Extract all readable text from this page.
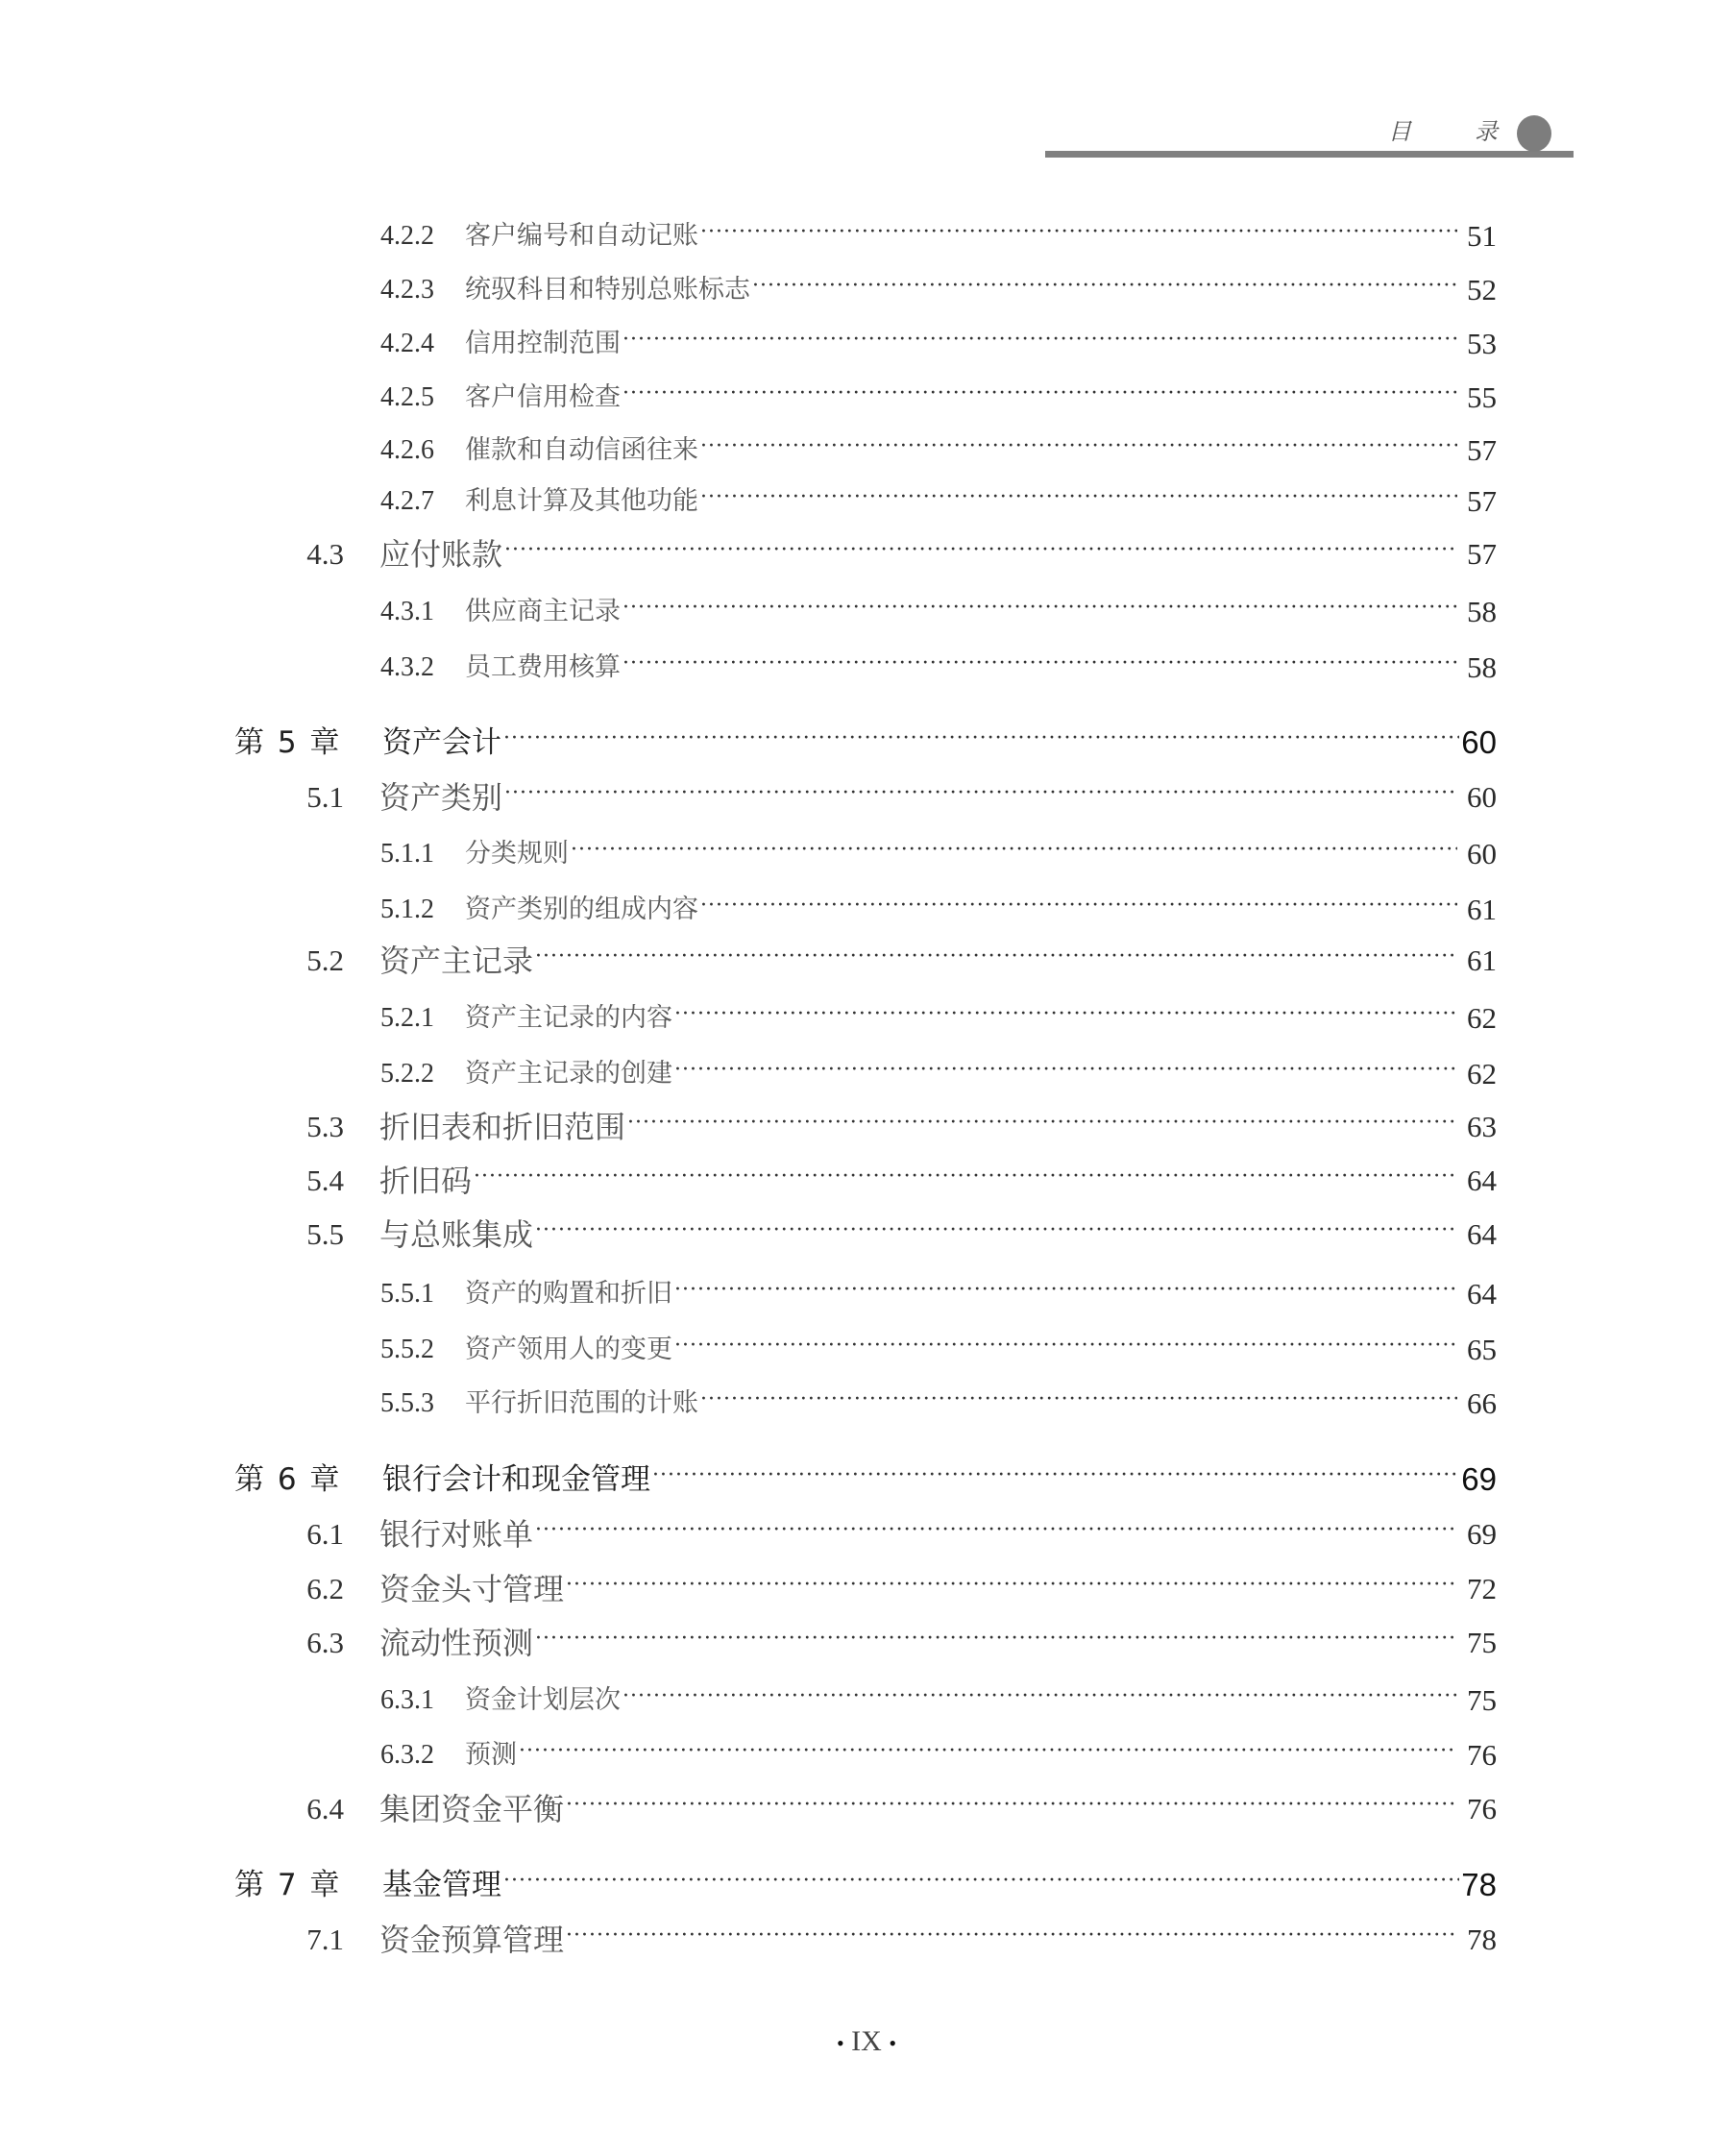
目	录
4.2.2 客户编号和自动记账 ·····	51
4.2.3 统驭科目和特别总账标志 ·····	52
4.2.4 信用控制范围 ·····	53
4.2.5 客户信用检查 ·····	55
4.2.6 催款和自动信函往来 ·····	57
4.2.7 利息计算及其他功能 ·····	57
4.3 应付账款 ·····	57
4.3.1 供应商主记录 ·····	58
4.3.2 员工费用核算 ·····	58
第 5 章 资产会计 ·····	60
5.1 资产类别 ·····	60
5.1.1 分类规则 ·····	60
5.1.2 资产类别的组成内容 ·····	61
5.2 资产主记录 ·····	61
5.2.1 资产主记录的内容 ·····	62
5.2.2 资产主记录的创建 ·····	62
5.3 折旧表和折旧范围 ·····	63
5.4 折旧码 ·····	64
5.5 与总账集成 ·····	64
5.5.1 资产的购置和折旧 ·····	64
5.5.2 资产领用人的变更 ·····	65
5.5.3 平行折旧范围的计账 ·····	66
第 6 章 银行会计和现金管理 ·····	69
6.1 银行对账单 ·····	69
6.2 资金头寸管理 ·····	72
6.3 流动性预测 ·····	75
6.3.1 资金计划层次 ·····	75
6.3.2 预测 ·····	76
6.4 集团资金平衡 ·····	76
第 7 章 基金管理 ·····	78
7.1 资金预算管理 ·····	78
• IX •
